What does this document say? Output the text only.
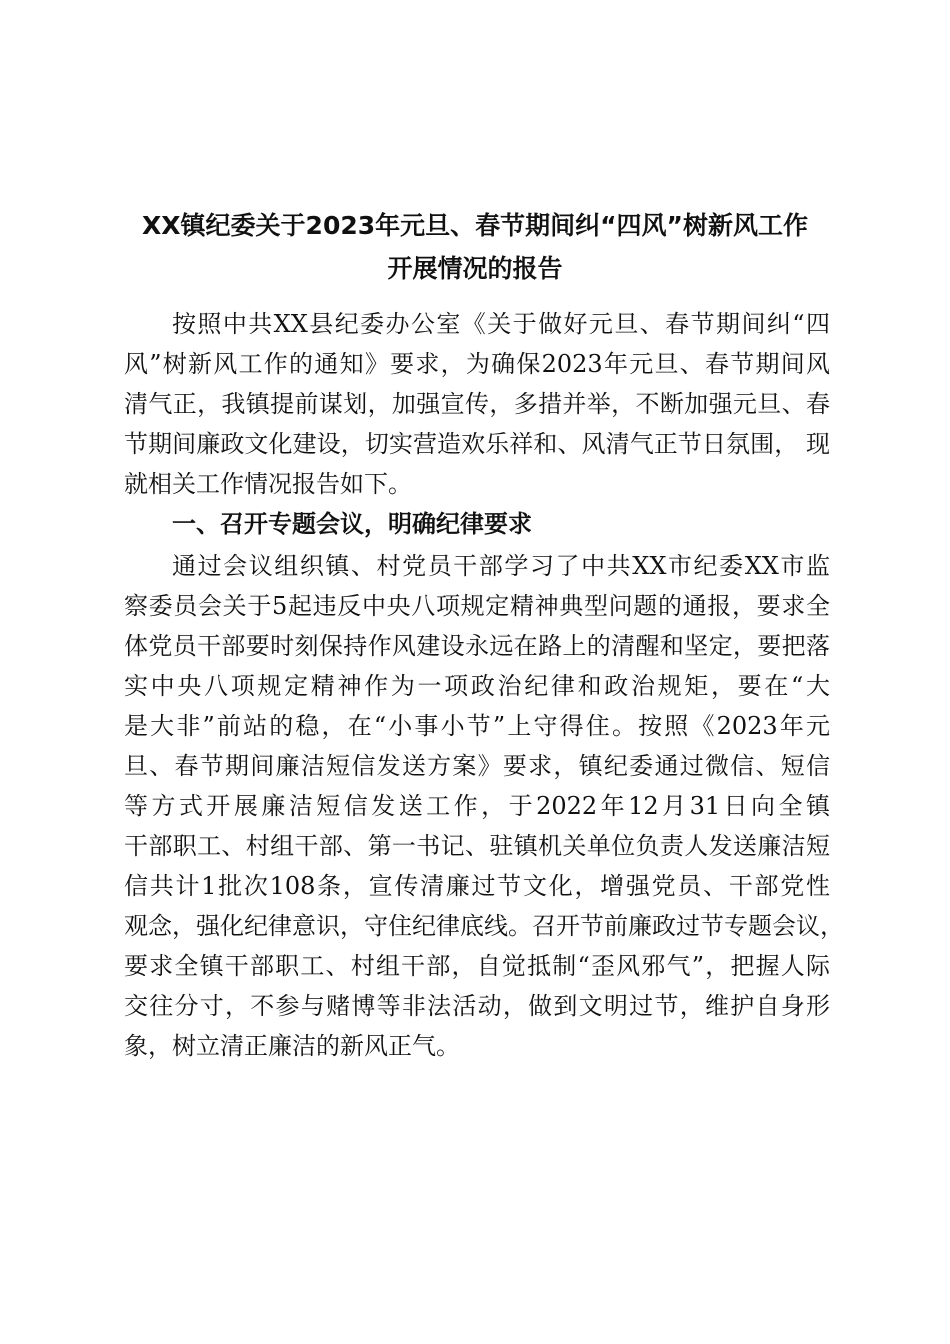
XX镇纪委关于2023年元旦、春节期间纠“四风”树新风工作
开展情况的报告
按照中共XX县纪委办公室《关于做好元旦、春节期间纠“四
风”树新风工作的通知》要求，为确保2023年元旦、春节期间风
清气正，我镇提前谋划，加强宣传，多措并举，不断加强元旦、春
节期间廉政文化建设，切实营造欢乐祥和、风清气正节日氛围， 现
就相关工作情况报告如下。
一、召开专题会议，明确纪律要求
通过会议组织镇、村党员干部学习了中共XX市纪委XX市监
察委员会关于5起违反中央八项规定精神典型问题的通报，要求全
体党员干部要时刻保持作风建设永远在路上的清醒和坚定，要把落
实中央八项规定精神作为一项政治纪律和政治规矩，要在“大
是大非”前站的稳，在“小事小节”上守得住。按照《2023年元
旦、春节期间廉洁短信发送方案》要求，镇纪委通过微信、短信
等方式开展廉洁短信发送工作，于2022年12月31日向全镇
干部职工、村组干部、第一书记、驻镇机关单位负责人发送廉洁短
信共计1批次108条，宣传清廉过节文化，增强党员、干部党性
观念，强化纪律意识，守住纪律底线。召开节前廉政过节专题会议，
要求全镇干部职工、村组干部，自觉抵制“歪风邪气”，把握人际
交往分寸，不参与赌博等非法活动，做到文明过节，维护自身形
象，树立清正廉洁的新风正气。
